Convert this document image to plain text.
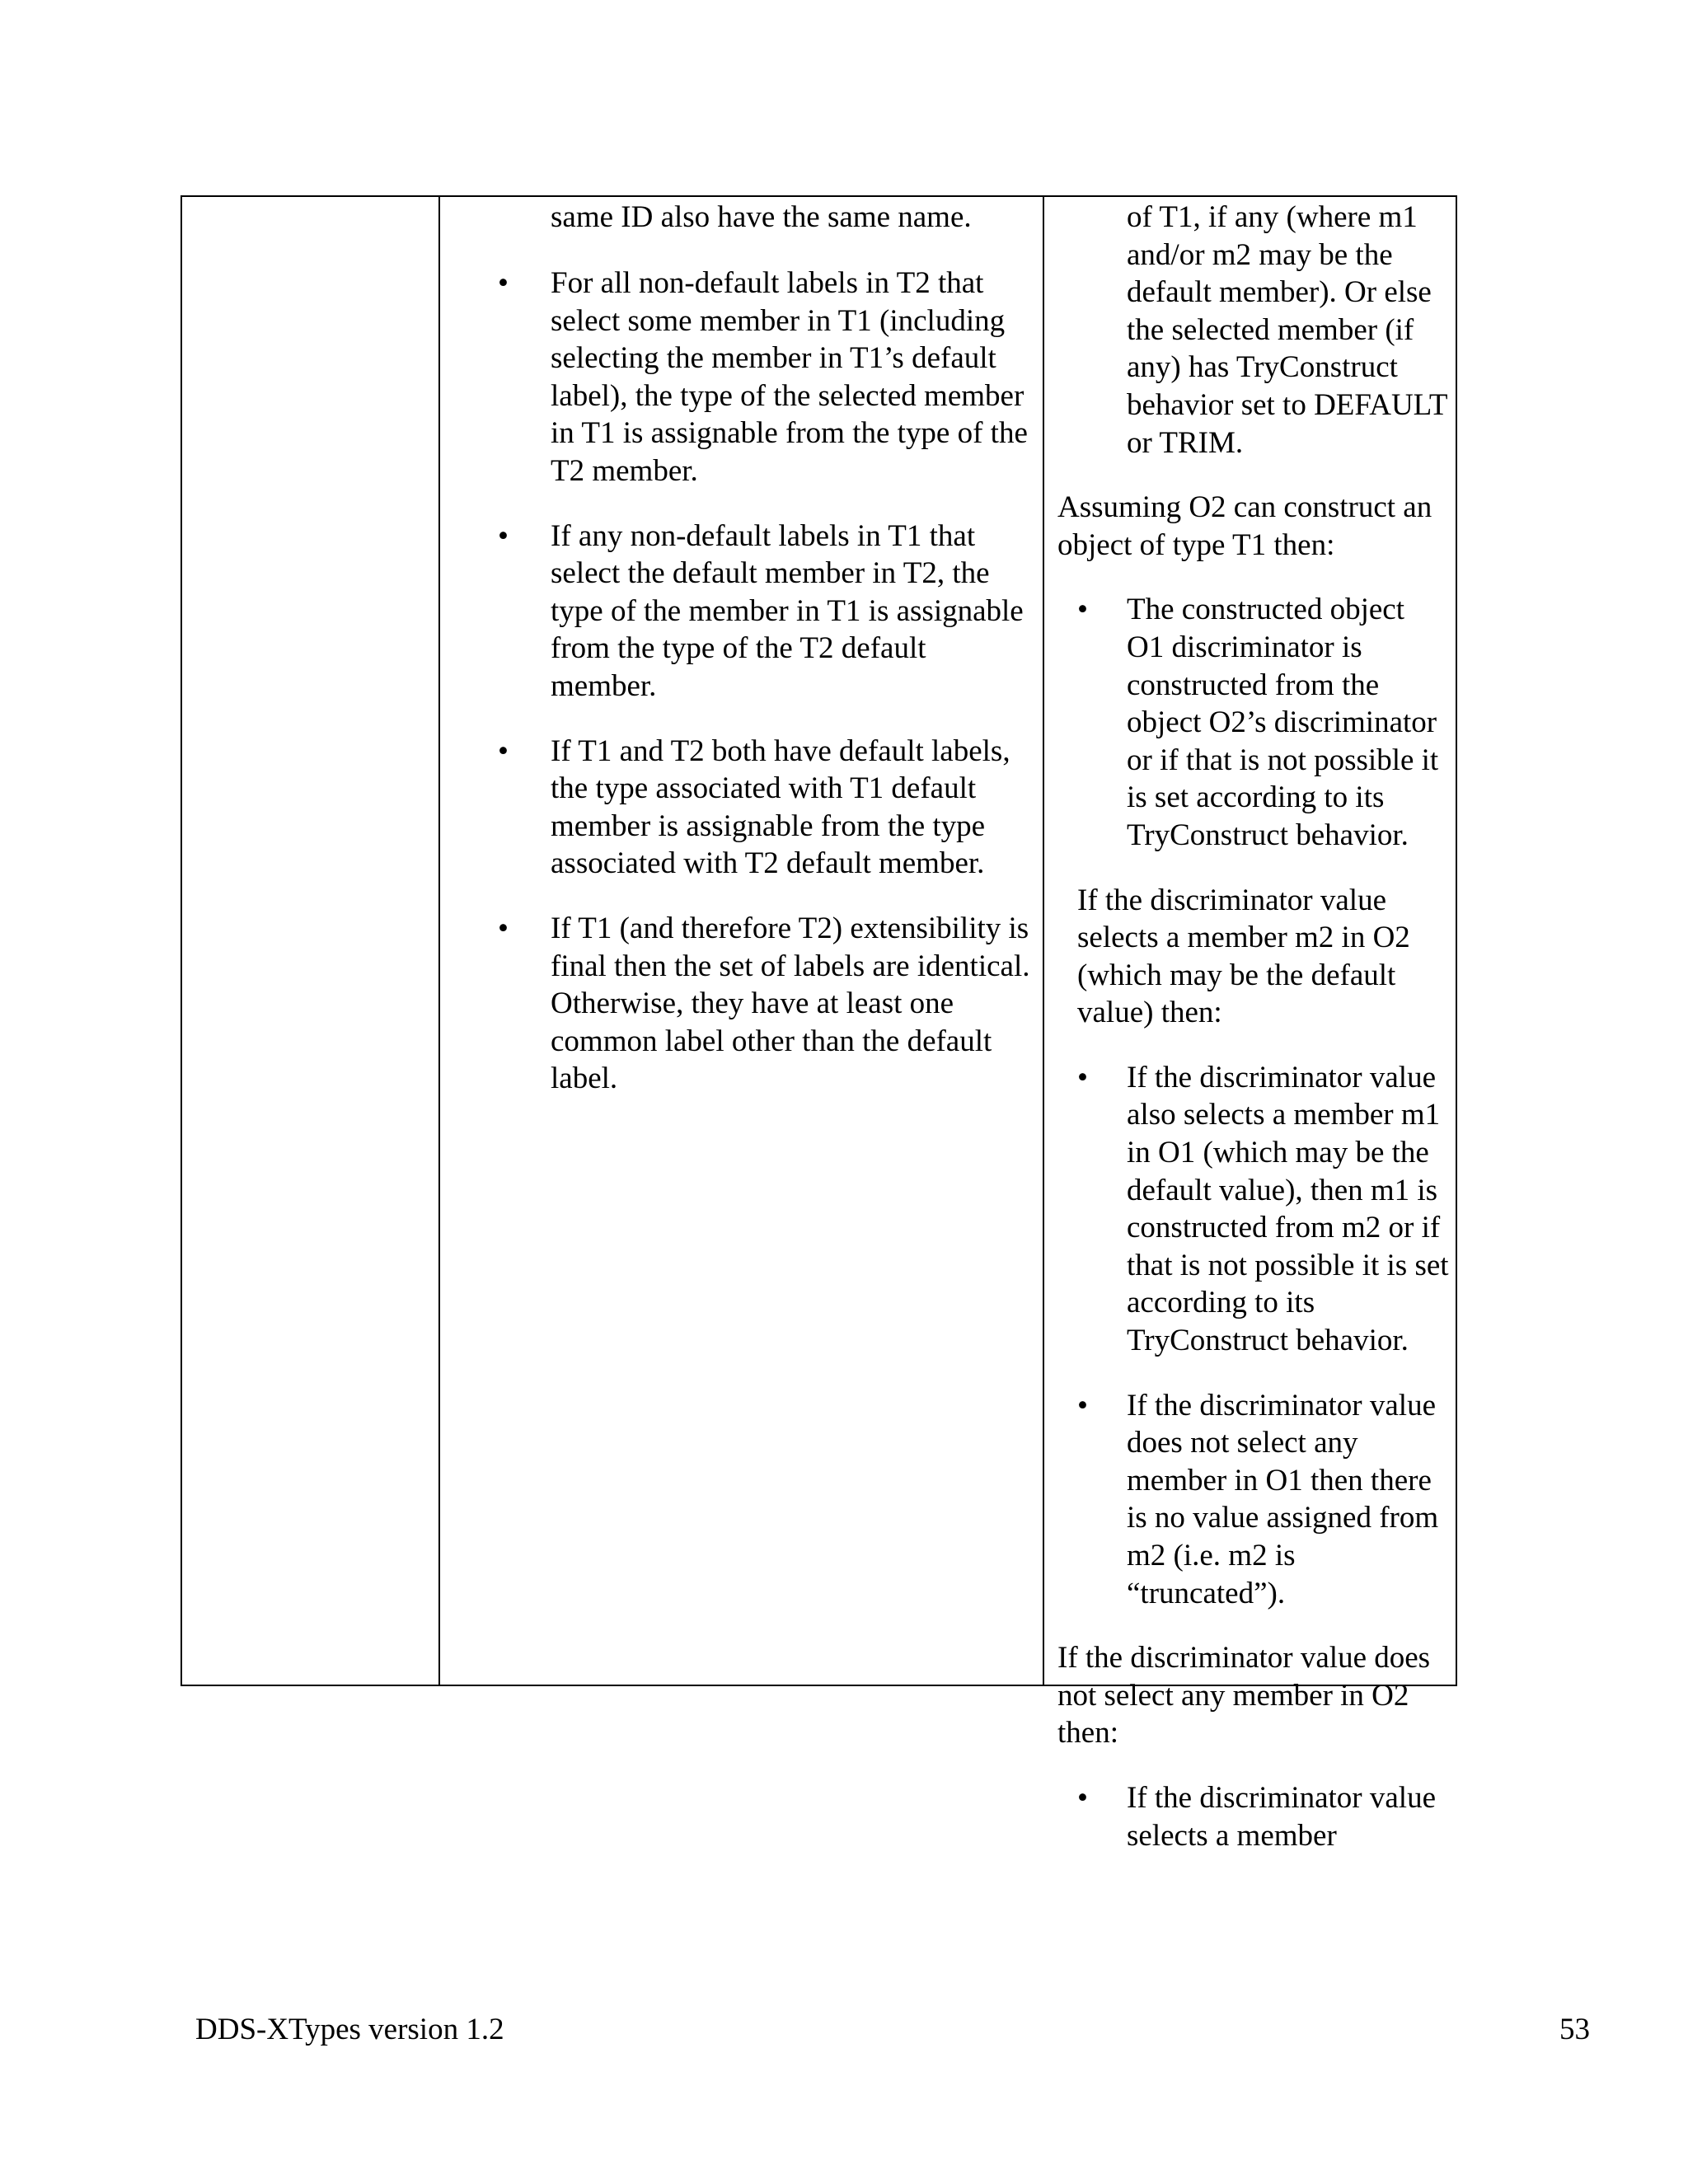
same ID also have the same name.
• For all non-default labels in T2 that select some member in T1 (including selecting the member in T1’s default label), the type of the selected member in T1 is assignable from the type of the T2 member.
• If any non-default labels in T1 that select the default member in T2, the type of the member in T1 is assignable from the type of the T2 default member.
• If T1 and T2 both have default labels, the type associated with T1 default member is assignable from the type associated with T2 default member.
• If T1 (and therefore T2) extensibility is final then the set of labels are identical. Otherwise, they have at least one common label other than the default label.

of T1, if any (where m1 and/or m2 may be the default member). Or else the selected member (if any) has TryConstruct behavior set to DEFAULT or TRIM.

Assuming O2 can construct an object of type T1 then:

• The constructed object O1 discriminator is constructed from the object O2’s discriminator or if that is not possible it is set according to its TryConstruct behavior.

If the discriminator value selects a member m2 in O2 (which may be the default value) then:

• If the discriminator value also selects a member m1 in O1 (which may be the default value), then m1 is constructed from m2 or if that is not possible it is set according to its TryConstruct behavior.
• If the discriminator value does not select any member in O1 then there is no value assigned from m2 (i.e. m2 is “truncated”).

If the discriminator value does not select any member in O2 then:

• If the discriminator value selects a member
DDS-XTypes version 1.2	53
